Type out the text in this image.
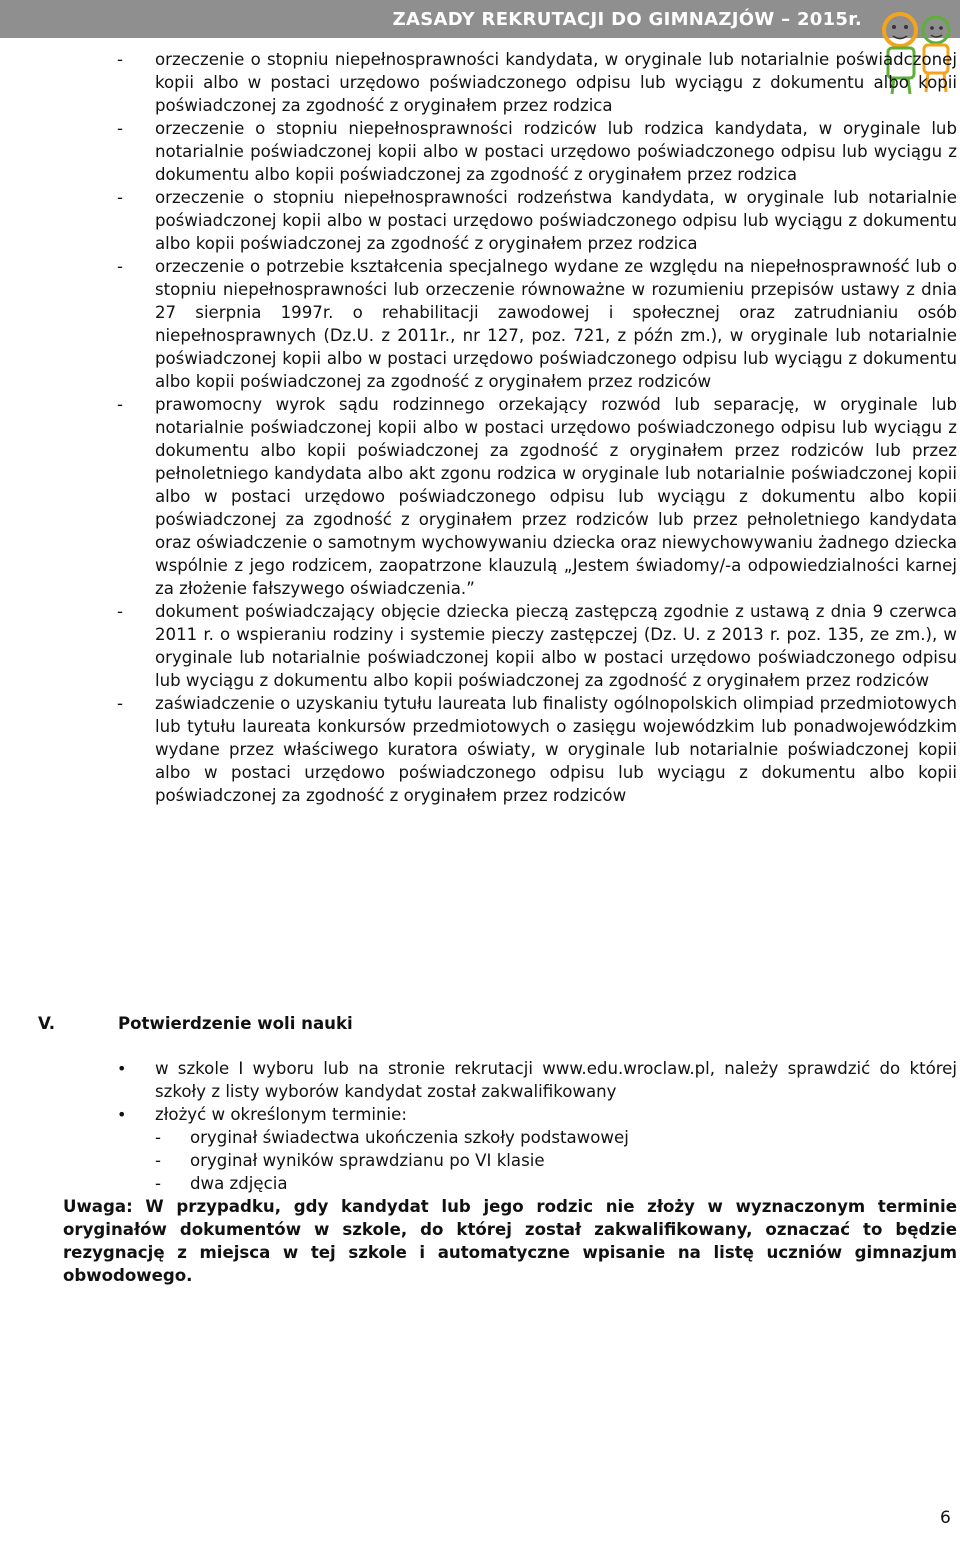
ZASADY REKRUTACJI DO GIMNAZJÓW – 2015r.
- orzeczenie o stopniu niepełnosprawności kandydata, w oryginale lub notarialnie poświadczonej kopii albo w postaci urzędowo poświadczonego odpisu lub wyciągu z dokumentu albo kopii poświadczonej za zgodność z oryginałem przez rodzica
- orzeczenie o stopniu niepełnosprawności rodziców lub rodzica kandydata, w oryginale lub notarialnie poświadczonej kopii albo w postaci urzędowo poświadczonego odpisu lub wyciągu z dokumentu albo kopii poświadczonej za zgodność z oryginałem przez rodzica
- orzeczenie o stopniu niepełnosprawności rodzeństwa kandydata, w oryginale lub notarialnie poświadczonej kopii albo w postaci urzędowo poświadczonego odpisu lub wyciągu z dokumentu albo kopii poświadczonej za zgodność z oryginałem przez rodzica
- orzeczenie o potrzebie kształcenia specjalnego wydane ze względu na niepełnosprawność lub o stopniu niepełnosprawności lub orzeczenie równoważne w rozumieniu przepisów ustawy z dnia 27 sierpnia 1997r. o rehabilitacji zawodowej i społecznej oraz zatrudnianiu osób niepełnosprawnych (Dz.U. z 2011r., nr 127, poz. 721, z późn zm.), w oryginale lub notarialnie poświadczonej kopii albo w postaci urzędowo poświadczonego odpisu lub wyciągu z dokumentu albo kopii poświadczonej za zgodność z oryginałem przez rodziców
- prawomocny wyrok sądu rodzinnego orzekający rozwód lub separację, w oryginale lub notarialnie poświadczonej kopii albo w postaci urzędowo poświadczonego odpisu lub wyciągu z dokumentu albo kopii poświadczonej za zgodność z oryginałem przez rodziców lub przez pełnoletniego kandydata albo akt zgonu rodzica w oryginale lub notarialnie poświadczonej kopii albo w postaci urzędowo poświadczonego odpisu lub wyciągu z dokumentu albo kopii poświadczonej za zgodność z oryginałem przez rodziców lub przez pełnoletniego kandydata oraz oświadczenie o samotnym wychowywaniu dziecka oraz niewychowywaniu żadnego dziecka wspólnie z jego rodzicem, zaopatrzone klauzulą „Jestem świadomy/-a odpowiedzialności karnej za złożenie fałszywego oświadczenia.”
- dokument poświadczający objęcie dziecka pieczą zastępczą zgodnie z ustawą z dnia 9 czerwca 2011 r. o wspieraniu rodziny i systemie pieczy zastępczej (Dz. U. z 2013 r. poz. 135, ze zm.), w oryginale lub notarialnie poświadczonej kopii albo w postaci urzędowo poświadczonego odpisu lub wyciągu z dokumentu albo kopii poświadczonej za zgodność z oryginałem przez rodziców
- zaświadczenie o uzyskaniu tytułu laureata lub finalisty ogólnopolskich olimpiad przedmiotowych lub tytułu laureata konkursów przedmiotowych o zasięgu wojewódzkim lub ponadwojewódzkim wydane przez właściwego kuratora oświaty, w oryginale lub notarialnie poświadczonej kopii albo w postaci urzędowo poświadczonego odpisu lub wyciągu z dokumentu albo kopii poświadczonej za zgodność z oryginałem przez rodziców
V.	Potwierdzenie woli nauki
• w szkole I wyboru lub na stronie rekrutacji www.edu.wroclaw.pl, należy sprawdzić do której szkoły z listy wyborów kandydat został zakwalifikowany
• złożyć w określonym terminie:
- oryginał świadectwa ukończenia szkoły podstawowej
- oryginał wyników sprawdzianu po VI klasie
- dwa zdjęcia

Uwaga: W przypadku, gdy kandydat lub jego rodzic nie złoży w wyznaczonym terminie oryginałów dokumentów w szkole, do której został zakwalifikowany, oznaczać to będzie rezygnację z miejsca w tej szkole i automatyczne wpisanie na listę uczniów gimnazjum obwodowego.

6
